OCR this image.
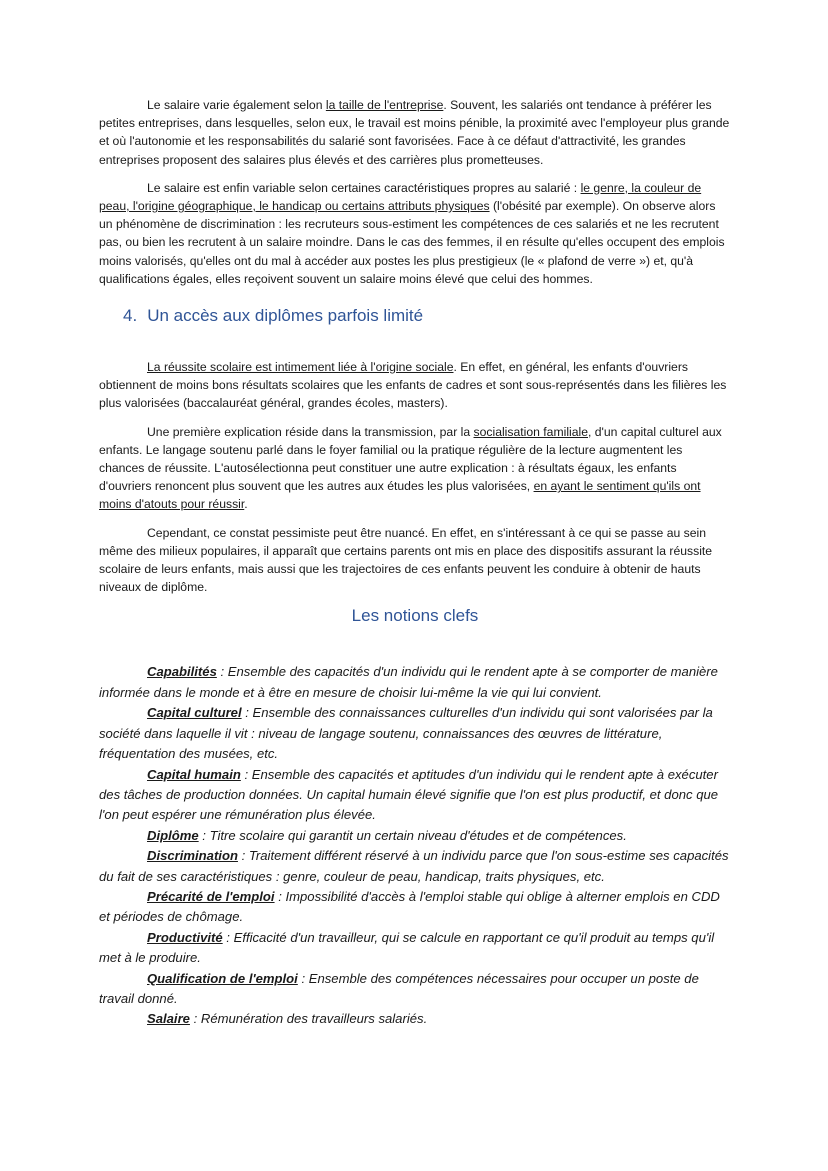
Le salaire varie également selon la taille de l'entreprise. Souvent, les salariés ont tendance à préférer les petites entreprises, dans lesquelles, selon eux, le travail est moins pénible, la proximité avec l'employeur plus grande et où l'autonomie et les responsabilités du salarié sont favorisées. Face à ce défaut d'attractivité, les grandes entreprises proposent des salaires plus élevés et des carrières plus prometteuses.

Le salaire est enfin variable selon certaines caractéristiques propres au salarié : le genre, la couleur de peau, l'origine géographique, le handicap ou certains attributs physiques (l'obésité par exemple). On observe alors un phénomène de discrimination : les recruteurs sous-estiment les compétences de ces salariés et ne les recrutent pas, ou bien les recrutent à un salaire moindre. Dans le cas des femmes, il en résulte qu'elles occupent des emplois moins valorisés, qu'elles ont du mal à accéder aux postes les plus prestigieux (le « plafond de verre ») et, qu'à qualifications égales, elles reçoivent souvent un salaire moins élevé que celui des hommes.

4. Un accès aux diplômes parfois limité

La réussite scolaire est intimement liée à l'origine sociale. En effet, en général, les enfants d'ouvriers obtiennent de moins bons résultats scolaires que les enfants de cadres et sont sous-représentés dans les filières les plus valorisées (baccalauréat général, grandes écoles, masters).

Une première explication réside dans la transmission, par la socialisation familiale, d'un capital culturel aux enfants. Le langage soutenu parlé dans le foyer familial ou la pratique régulière de la lecture augmentent les chances de réussite. L'autosélectionna peut constituer une autre explication : à résultats égaux, les enfants d'ouvriers renoncent plus souvent que les autres aux études les plus valorisées, en ayant le sentiment qu'ils ont moins d'atouts pour réussir.

Cependant, ce constat pessimiste peut être nuancé. En effet, en s'intéressant à ce qui se passe au sein même des milieux populaires, il apparaît que certains parents ont mis en place des dispositifs assurant la réussite scolaire de leurs enfants, mais aussi que les trajectoires de ces enfants peuvent les conduire à obtenir de hauts niveaux de diplôme.

Les notions clefs

Capabilités : Ensemble des capacités d'un individu qui le rendent apte à se comporter de manière informée dans le monde et à être en mesure de choisir lui-même la vie qui lui convient.

Capital culturel : Ensemble des connaissances culturelles d'un individu qui sont valorisées par la société dans laquelle il vit : niveau de langage soutenu, connaissances des œuvres de littérature, fréquentation des musées, etc.

Capital humain : Ensemble des capacités et aptitudes d'un individu qui le rendent apte à exécuter des tâches de production données. Un capital humain élevé signifie que l'on est plus productif, et donc que l'on peut espérer une rémunération plus élevée.

Diplôme : Titre scolaire qui garantit un certain niveau d'études et de compétences.

Discrimination : Traitement différent réservé à un individu parce que l'on sous-estime ses capacités du fait de ses caractéristiques : genre, couleur de peau, handicap, traits physiques, etc.

Précarité de l'emploi : Impossibilité d'accès à l'emploi stable qui oblige à alterner emplois en CDD et périodes de chômage.

Productivité : Efficacité d'un travailleur, qui se calcule en rapportant ce qu'il produit au temps qu'il met à le produire.

Qualification de l'emploi : Ensemble des compétences nécessaires pour occuper un poste de travail donné.

Salaire : Rémunération des travailleurs salariés.
